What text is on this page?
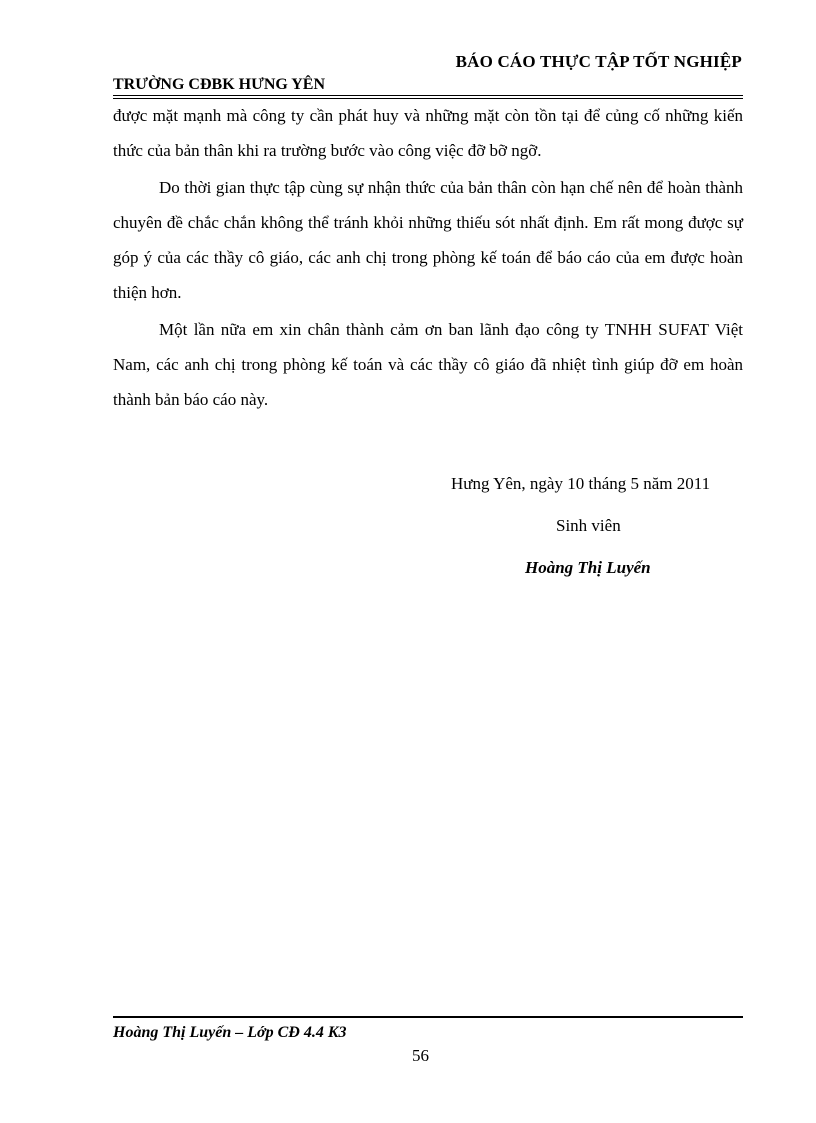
BÁO CÁO THỰC TẬP TỐT NGHIỆP
TRƯỜNG CĐBK HƯNG YÊN

được mặt mạnh mà công ty cần phát huy và những mặt còn tồn tại để củng cố những kiến thức của bản thân khi ra trường bước vào công việc đỡ bỡ ngỡ.

Do thời gian thực tập cùng sự nhận thức của bản thân còn hạn chế nên để hoàn thành chuyên đề chắc chắn không thể tránh khỏi những thiếu sót nhất định. Em rất mong được sự góp ý của các thầy cô giáo, các anh chị trong phòng kế toán để báo cáo của em được hoàn thiện hơn.

Một lần nữa em xin chân thành cảm ơn ban lãnh đạo công ty TNHH SUFAT Việt Nam, các anh chị trong phòng kế toán và các thầy cô giáo đã nhiệt tình giúp đỡ em hoàn thành bản báo cáo này.

Hưng Yên, ngày 10 tháng 5 năm 2011
Sinh viên
Hoàng Thị Luyến
Hoàng Thị Luyến – Lớp CĐ 4.4 K3
56
